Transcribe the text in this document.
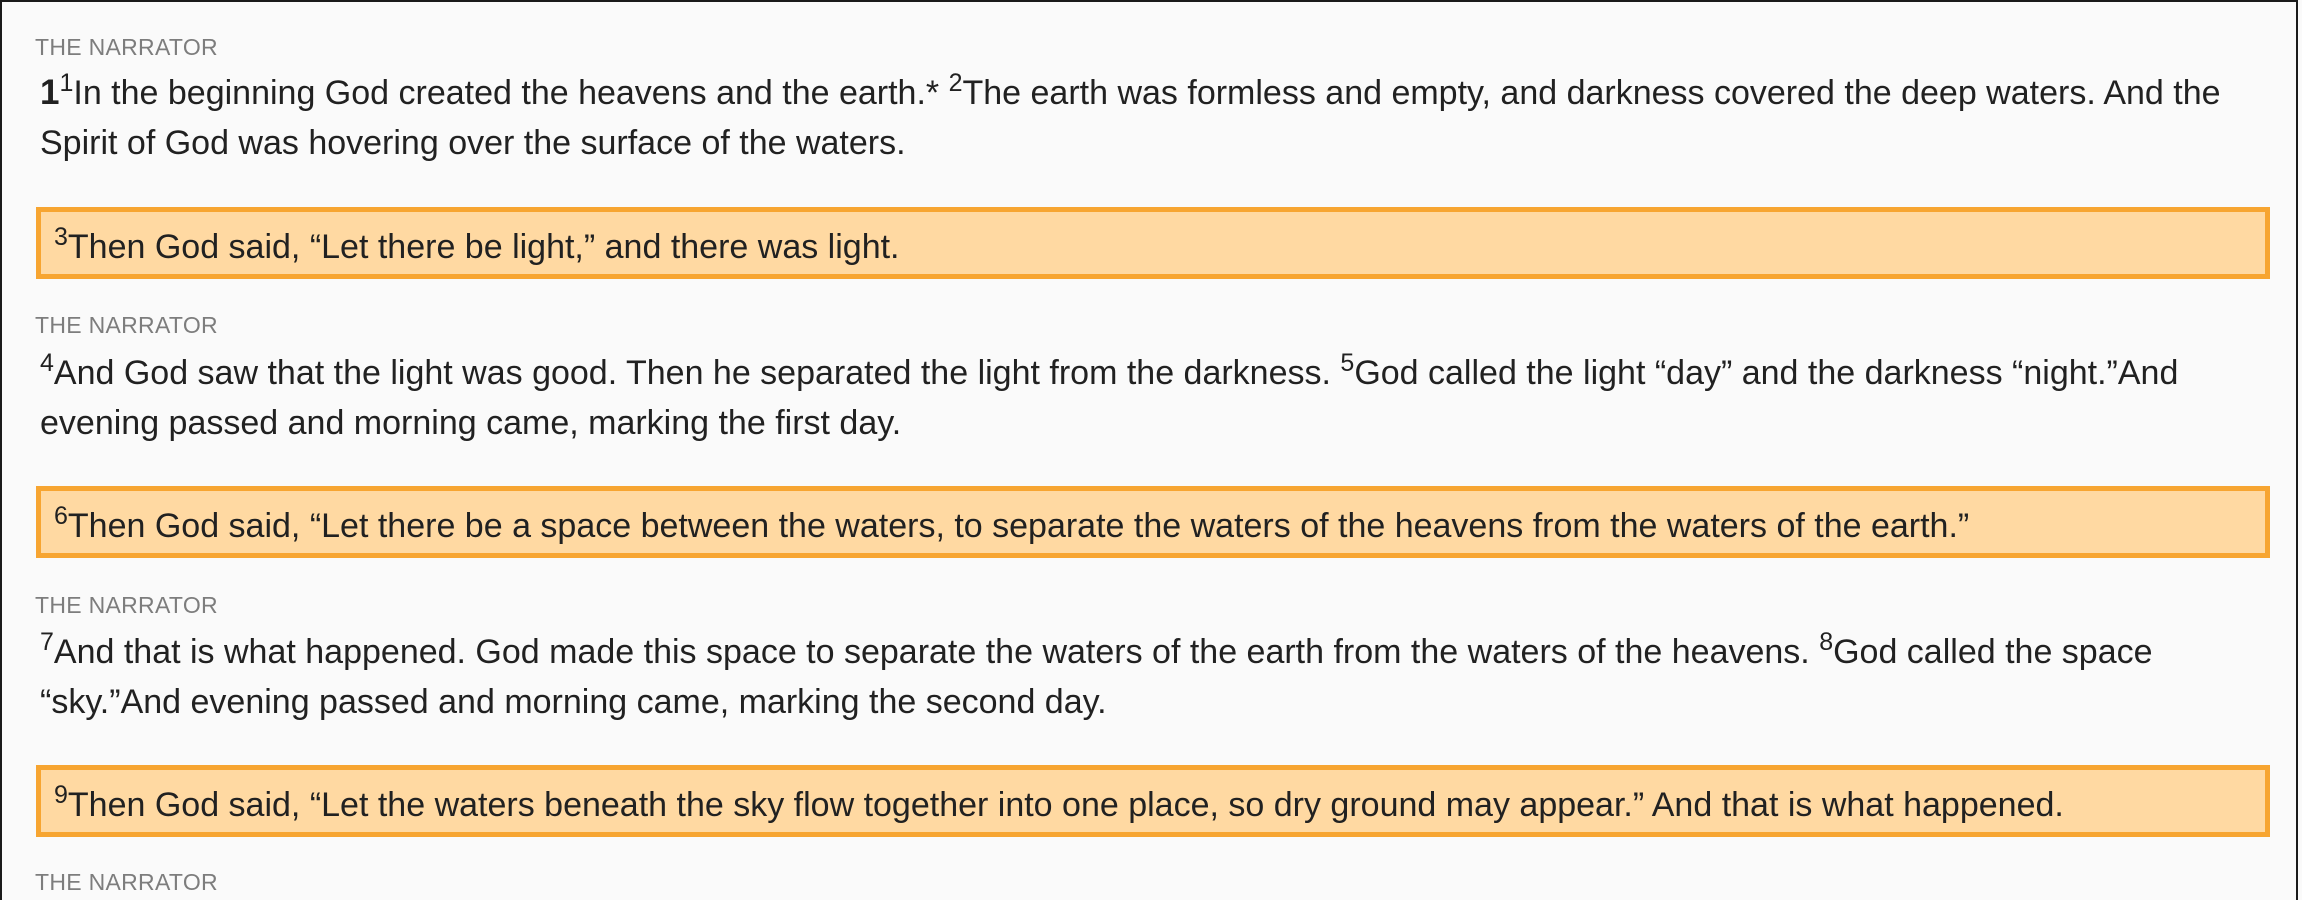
THE NARRATOR
$1^1In$ the beginning God created the heavens and the earth.* $^2$The earth was formless and empty, and darkness covered the deep waters. And the Spirit of God was hovering over the surface of the waters.
$^3$Then God said, “Let there be light,” and there was light.
THE NARRATOR
$^4$And God saw that the light was good. Then he separated the light from the darkness. $^5$God called the light “day” and the darkness “night.”And evening passed and morning came, marking the first day.
$^6$Then God said, “Let there be a space between the waters, to separate the waters of the heavens from the waters of the earth.”
THE NARRATOR
$^7$And that is what happened. God made this space to separate the waters of the earth from the waters of the heavens. $^8$God called the space “sky.”And evening passed and morning came, marking the second day.
$^9$Then God said, “Let the waters beneath the sky flow together into one place, so dry ground may appear.” And that is what happened.
THE NARRATOR
